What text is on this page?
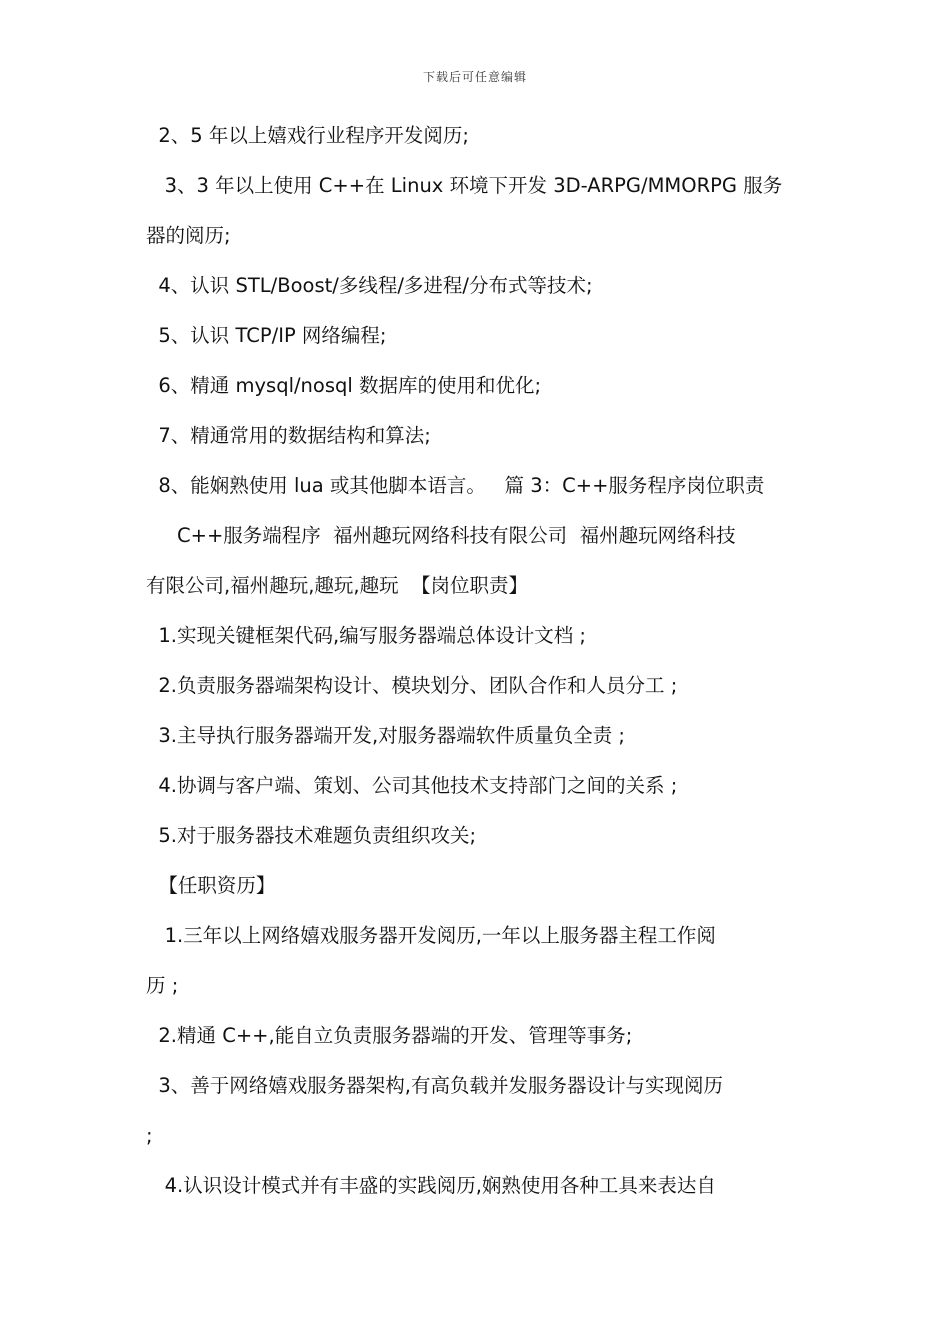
下载后可任意编辑
2、5 年以上嬉戏行业程序开发阅历;
3、3 年以上使用 C++在 Linux 环境下开发 3D-ARPG/MMORPG 服务
器的阅历;
4、认识 STL/Boost/多线程/多进程/分布式等技术;
5、认识 TCP/IP 网络编程;
6、精通 mysql/nosql 数据库的使用和优化;
7、精通常用的数据结构和算法;
8、能娴熟使用 lua 或其他脚本语言。   篇 3：C++服务程序岗位职责
C++服务端程序  福州趣玩网络科技有限公司  福州趣玩网络科技
有限公司,福州趣玩,趣玩,趣玩  【岗位职责】
1.实现关键框架代码,编写服务器端总体设计文档 ;
2.负责服务器端架构设计、模块划分、团队合作和人员分工 ;
3.主导执行服务器端开发,对服务器端软件质量负全责 ;
4.协调与客户端、策划、公司其他技术支持部门之间的关系 ;
5.对于服务器技术难题负责组织攻关;
【任职资历】
1.三年以上网络嬉戏服务器开发阅历,一年以上服务器主程工作阅
历 ;
2.精通 C++,能自立负责服务器端的开发、管理等事务;
3、善于网络嬉戏服务器架构,有高负载并发服务器设计与实现阅历
;
4.认识设计模式并有丰盛的实践阅历,娴熟使用各种工具来表达自
